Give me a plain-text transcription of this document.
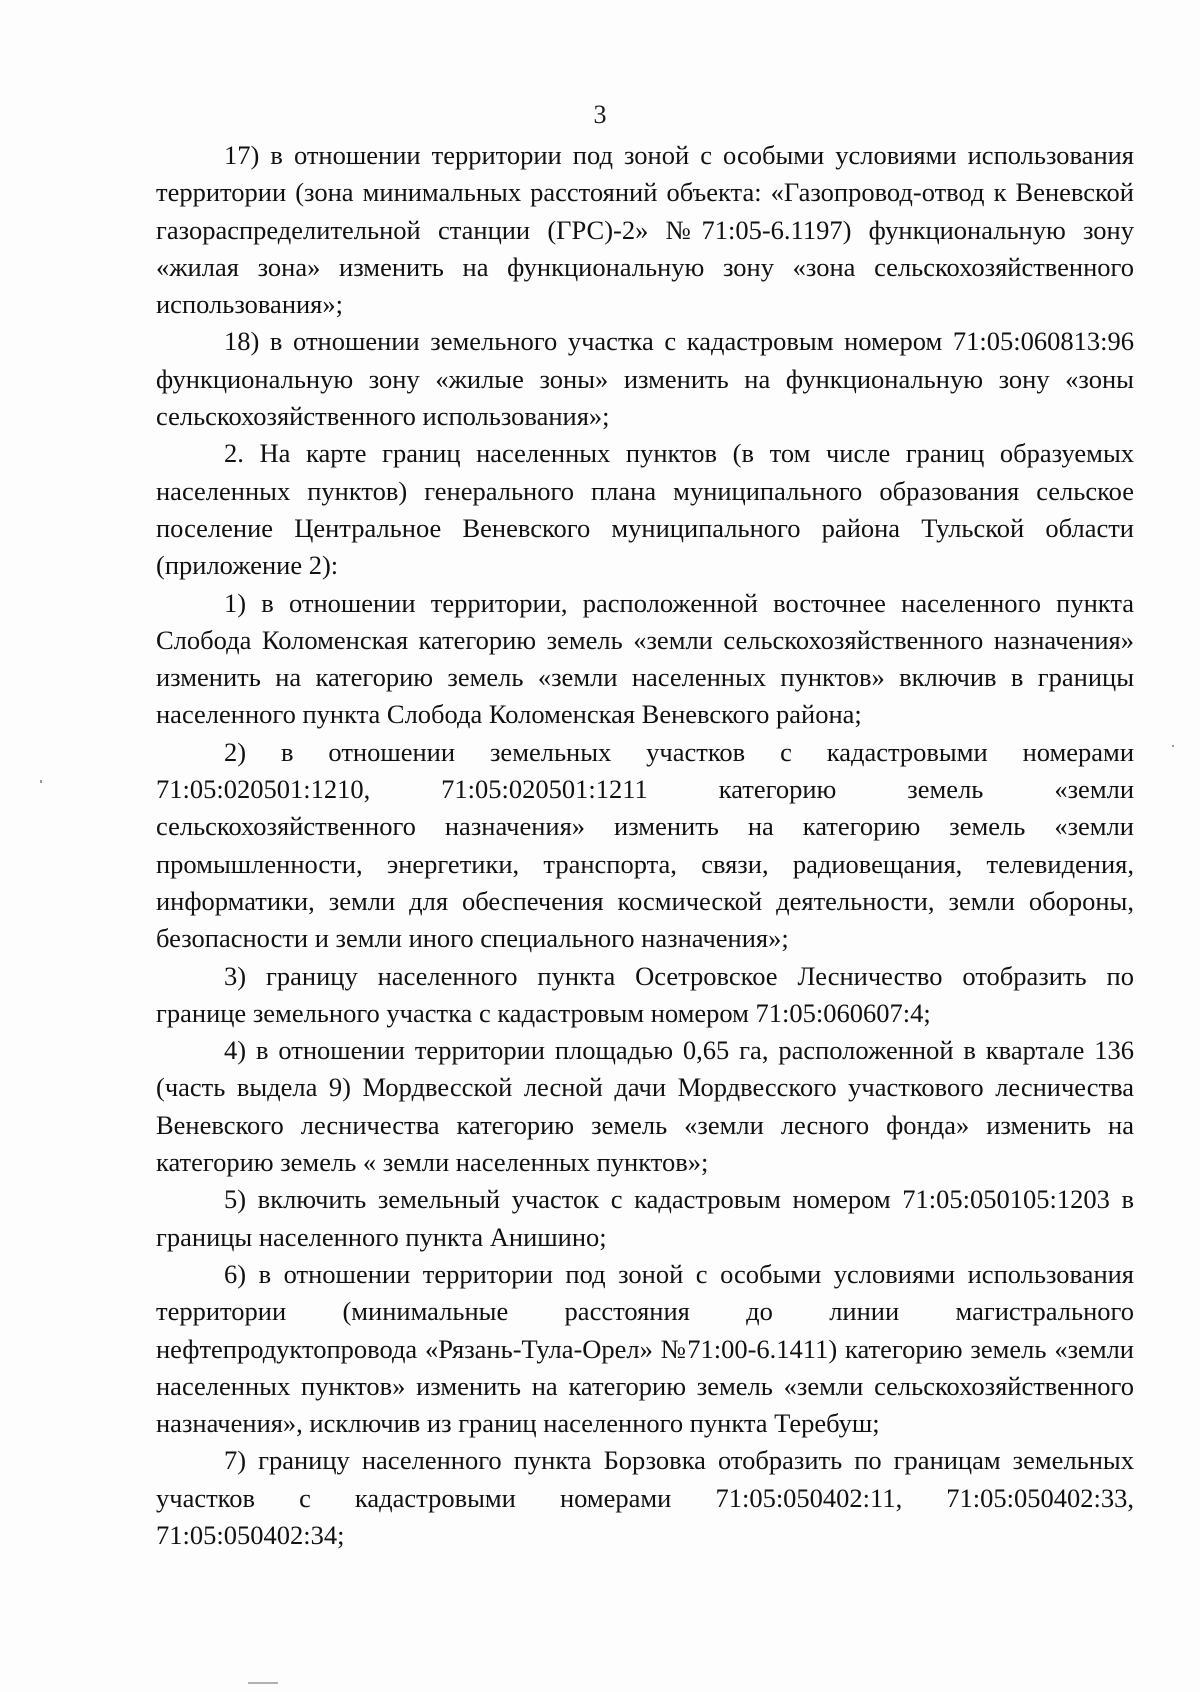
3

17) в отношении территории под зоной с особыми условиями использования территории (зона минимальных расстояний объекта: «Газопровод-отвод к Веневской газораспределительной станции (ГРС)-2» №71:05-6.1197) функциональную зону «жилая зона» изменить на функциональную зону «зона сельскохозяйственного использования»;

18) в отношении земельного участка с кадастровым номером 71:05:060813:96 функциональную зону «жилые зоны» изменить на функциональную зону «зоны сельскохозяйственного использования»;

2. На карте границ населенных пунктов (в том числе границ образуемых населенных пунктов) генерального плана муниципального образования сельское поселение Центральное Веневского муниципального района Тульской области (приложение 2):

1) в отношении территории, расположенной восточнее населенного пункта Слобода Коломенская категорию земель «земли сельскохозяйственного назначения» изменить на категорию земель «земли населенных пунктов» включив в границы населенного пункта Слобода Коломенская Веневского района;

2) в отношении земельных участков с кадастровыми номерами 71:05:020501:1210, 71:05:020501:1211 категорию земель «земли сельскохозяйственного назначения» изменить на категорию земель «земли промышленности, энергетики, транспорта, связи, радиовещания, телевидения, информатики, земли для обеспечения космической деятельности, земли обороны, безопасности и земли иного специального назначения»;

3) границу населенного пункта Осетровское Лесничество отобразить по границе земельного участка с кадастровым номером 71:05:060607:4;

4) в отношении территории площадью 0,65 га, расположенной в квартале 136 (часть выдела 9) Мордвесской лесной дачи Мордвесского участкового лесничества Веневского лесничества категорию земель «земли лесного фонда» изменить на категорию земель « земли населенных пунктов»;

5) включить земельный участок с кадастровым номером 71:05:050105:1203 в границы населенного пункта Анишино;

6) в отношении территории под зоной с особыми условиями использования территории (минимальные расстояния до линии магистрального нефтепродуктопровода «Рязань-Тула-Орел» №71:00-6.1411) категорию земель «земли населенных пунктов» изменить на категорию земель «земли сельскохозяйственного назначения», исключив из границ населенного пункта Теребуш;

7) границу населенного пункта Борзовка отобразить по границам земельных участков с кадастровыми номерами 71:05:050402:11, 71:05:050402:33, 71:05:050402:34;
